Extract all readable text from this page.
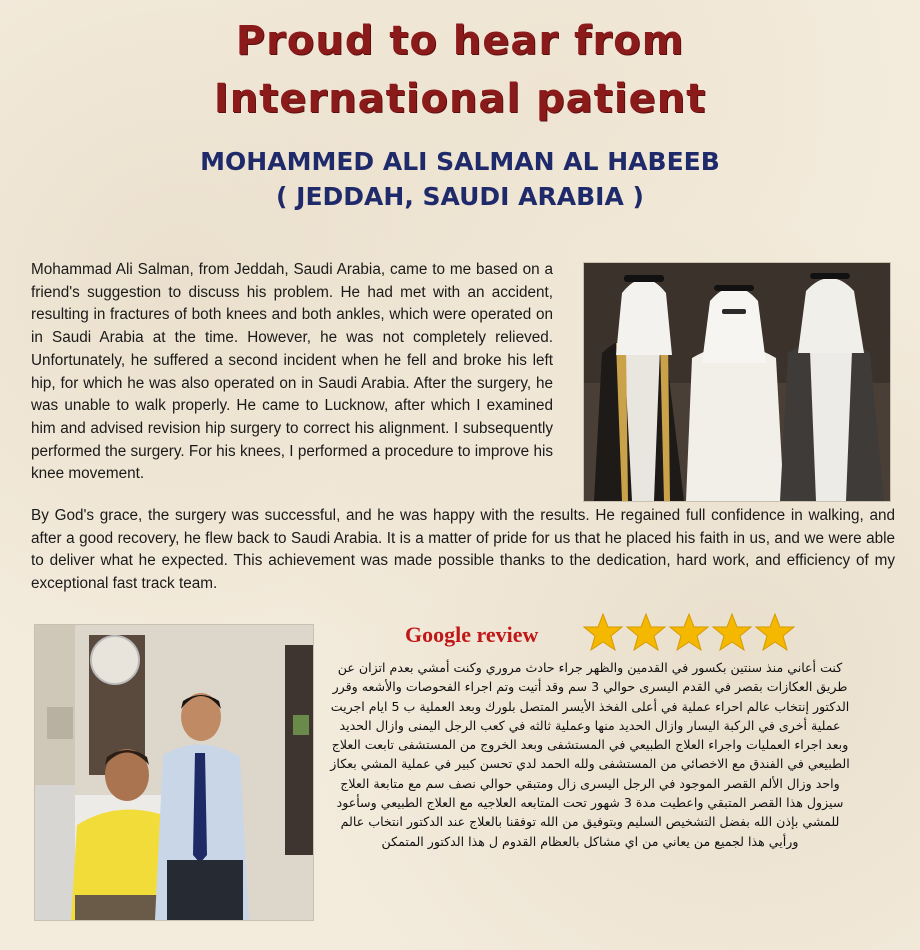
Proud to hear from
International patient
MOHAMMED ALI SALMAN AL HABEEB
( JEDDAH, SAUDI ARABIA )
Mohammad Ali Salman, from Jeddah, Saudi Arabia, came to me based on a friend's suggestion to discuss his problem. He had met with an accident, resulting in fractures of both knees and both ankles, which were operated on in Saudi Arabia at the time. However, he was not completely relieved. Unfortunately, he suffered a second incident when he fell and broke his left hip, for which he was also operated on in Saudi Arabia. After the surgery, he was unable to walk properly. He came to Lucknow, after which I examined him and advised revision hip surgery to correct his alignment. I subsequently performed the surgery. For his knees, I performed a procedure to improve his knee movement.
By God's grace, the surgery was successful, and he was happy with the results. He regained full confidence in walking, and after a good recovery, he flew back to Saudi Arabia. It is a matter of pride for us that he placed his faith in us, and we were able to deliver what he expected. This achievement was made possible thanks to the dedication, hard work, and efficiency of my exceptional fast track team.
Google review

كنت أعاني منذ سنتين بكسور في القدمين والظهر جراء حادث مروري وكنت أمشي بعدم اتزان عن طريق العكازات بقصر في القدم اليسرى حوالي 3 سم وقد أتيت وتم اجراء الفحوصات والأشعه وقرر الدكتور إنتخاب عالم احراء عملية في أعلى الفخذ الأيسر المتصل بلورك وبعد العملية ب 5 ايام اجريت عملية أخرى في الركبة اليسار وازال الحديد منها وعملية ثالثه في كعب الرجل اليمنى وازال الحديد

وبعد اجراء العمليات واجراء العلاج الطبيعي في المستشفى وبعد الخروج من المستشفى تابعت العلاج الطبيعي في الفندق مع الاخصائي من المستشفى ولله الحمد لدي تحسن كبير في عملية المشي بعكاز واحد وزال الألم القصر الموجود في الرجل اليسرى زال ومتبقي حوالي نصف سم مع متابعة العلاج سيزول هذا القصر المتبقي واعطيت مدة 3 شهور تحت المتابعه العلاجيه مع العلاج الطبيعي وسأعود للمشي بإذن الله بفضل التشخيص السليم وبتوفيق من الله توفقنا بالعلاج عند الدكتور انتخاب عالم ورأيي هذا لجميع من يعاني من اي مشاكل بالعظام القدوم ل هذا الدكتور المتمكن
